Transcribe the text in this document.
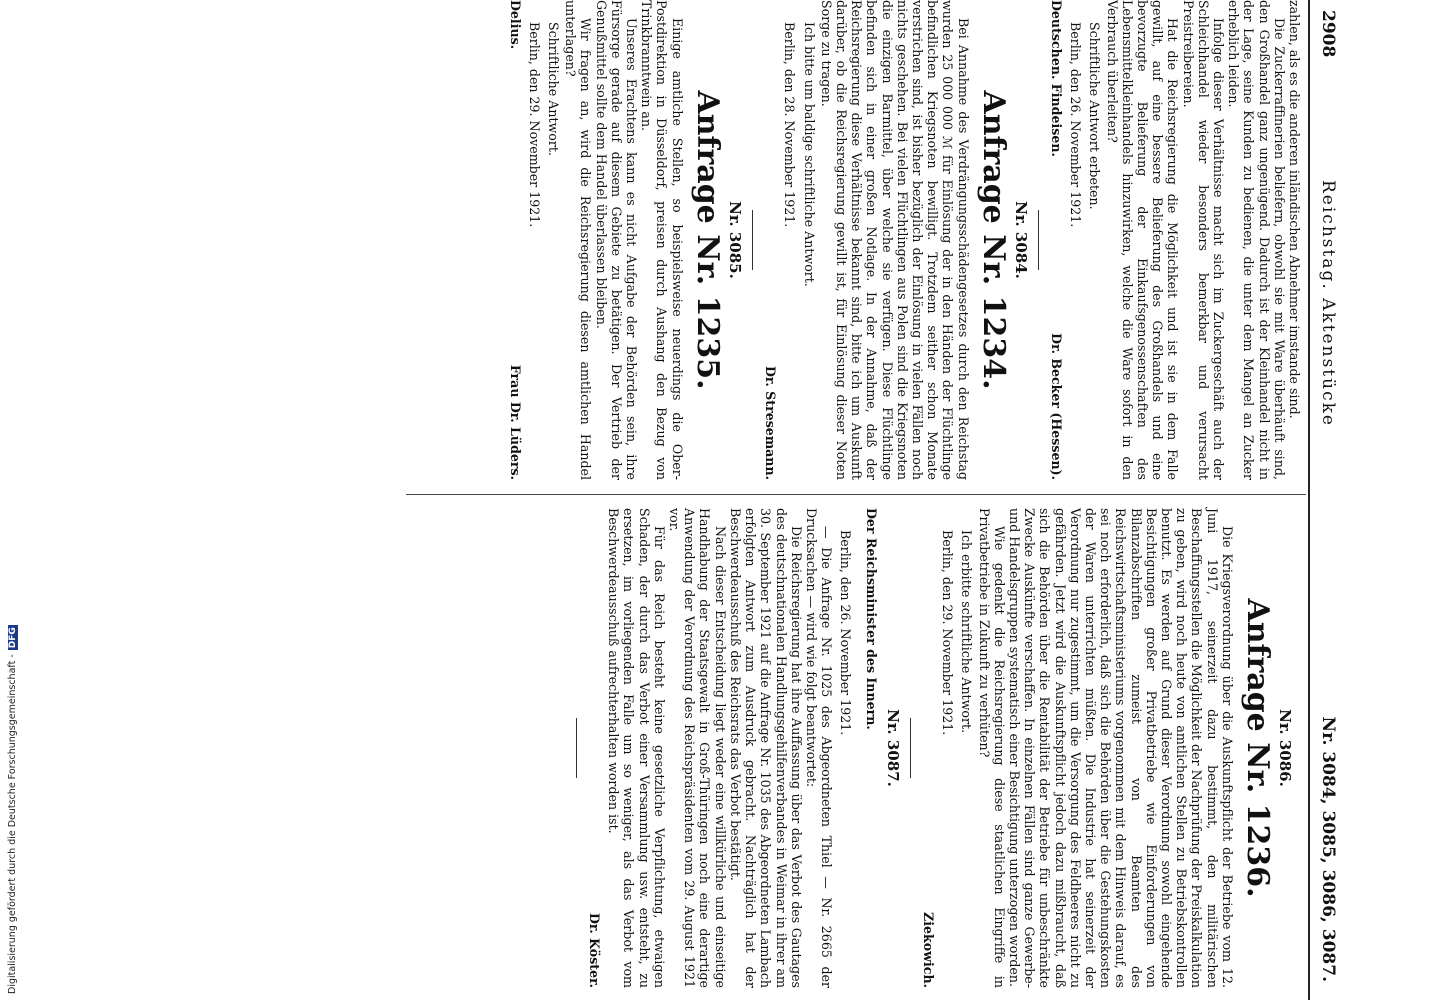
2908
Reichstag. Aktenstücke
Nr. 3084, 3085, 3086, 3087.

zahlen, als es die anderen inländischen Abnehmer imstande sind.

Die Zuckerraffinerien beliefern, obwohl sie mit Ware überhäuft sind, den Großhandel ganz ungenügend. Dadurch ist der Kleinhandel nicht in der Lage, seine Kunden zu bedienen, die unter dem Mangel an Zucker erheblich leiden.

Infolge dieser Verhältnisse macht sich im Zuckergeschäft auch der Schleichhandel wieder besonders bemerkbar und verursacht Preistreibereien.

Hat die Reichsregierung die Möglichkeit und ist sie in dem Falle gewillt, auf eine bessere Belieferung des Großhandels und eine bevorzugte Belieferung der Einkaufsgenossenschaften des Lebensmittelkleinhandels hinzuwirken, welche die Ware sofort in den Verbrauch überleiten?

Schriftliche Antwort erbeten.

Berlin, den 26. November 1921.

Deutschen. Findeisen.
Dr. Becker (Hessen).
Nr. 3084.
Anfrage Nr. 1234.

Bei Annahme des Verdrängungsschädengesetzes durch den Reichstag wurden 25 000 000 ℳ für Einlösung der in den Händen der Flüchtlinge befindlichen Kriegsnoten bewilligt. Trotzdem seither schon Monate verstrichen sind, ist bisher bezüglich der Einlösung in vielen Fällen noch nichts geschehen. Bei vielen Flüchtlingen aus Polen sind die Kriegsnoten die einzigen Barmittel, über welche sie verfügen. Diese Flüchtlinge befinden sich in einer großen Notlage. In der Annahme, daß der Reichsregierung diese Verhältnisse bekannt sind, bitte ich um Auskunft darüber, ob die Reichsregierung gewillt ist, für Einlösung dieser Noten Sorge zu tragen.

Ich bitte um baldige schriftliche Antwort.

Berlin, den 28. November 1921.

Dr. Stresemann.
Nr. 3085.
Anfrage Nr. 1235.

Einige amtliche Stellen, so beispielsweise neuerdings die Ober-Postdirektion in Düsseldorf, preisen durch Aushang den Bezug von Trinkbranntwein an.

Unseres Erachtens kann es nicht Aufgabe der Behörden sein, ihre Fürsorge gerade auf diesem Gebiete zu betätigen. Der Vertrieb der Genußmittel sollte dem Handel überlassen bleiben.

Wir fragen an, wird die Reichsregierung diesen amtlichen Handel unterlagen?

Schriftliche Antwort.

Berlin, den 29. November 1921.

Delius.
Frau Dr. Lüders.
Nr. 3086.
Anfrage Nr. 1236.

Die Kriegsverordnung über die Auskunftspflicht der Betriebe vom 12. Juni 1917, seinerzeit dazu bestimmt, den militärischen Beschaffungsstellen die Möglichkeit der Nachprüfung der Preiskalkulation zu geben, wird noch heute von amtlichen Stellen zu Betriebskontrollen benutzt. Es werden auf Grund dieser Verordnung sowohl eingehende Besichtigungen großer Privatbetriebe wie Einforderungen von Bilanzabschriften zumeist von Beamten des Reichswirtschaftsministeriums vorgenommen mit dem Hinweis darauf, es sei noch erforderlich, daß sich die Behörden über die Gestehungskosten der Waren unterrichten müßten. Die Industrie hat seinerzeit der Verordnung nur zugestimmt, um die Versorgung des Feldheeres nicht zu gefährden. Jetzt wird die Auskunftspflicht jedoch dazu mißbraucht, daß sich die Behörden über die Rentabilität der Betriebe für unbeschränkte Zwecke Auskünfte verschaffen. In einzelnen Fällen sind ganze Gewerbe- und Handelsgruppen systematisch einer Besichtigung unterzogen worden.

Wie gedenkt die Reichsregierung diese staatlichen Eingriffe in Privatbetriebe in Zukunft zu verhüten?

Ich erbitte schriftliche Antwort.

Berlin, den 29. November 1921.

Ziekowich.
Nr. 3087.
Der Reichsminister des Innern.

Berlin, den 26. November 1921.

— Die Anfrage Nr. 1025 des Abgeordneten Thiel — Nr. 2665 der Drucksachen — wird wie folgt beantwortet:

Die Reichsregierung hat ihre Auffassung über das Verbot des Gautages des deutschnationalen Handlungsgehilfenverbandes in Weimar in ihrer am 30. September 1921 auf die Anfrage Nr. 1035 des Abgeordneten Lambach erfolgten Antwort zum Ausdruck gebracht. Nachträglich hat der Beschwerdeausschuß des Reichsrats das Verbot bestätigt.

Nach dieser Entscheidung liegt weder eine willkürliche und einseitige Handhabung der Staatsgewalt in Groß-Thüringen noch eine derartige Anwendung der Verordnung des Reichspräsidenten vom 29. August 1921 vor.

Für das Reich besteht keine gesetzliche Verpflichtung, etwaigen Schaden, der durch das Verbot einer Versammlung usw. entsteht, zu ersetzen, im vorliegenden Falle um so weniger, als das Verbot vom Beschwerdeausschuß aufrechterhalten worden ist.

Dr. Köster.
Digitalisierung gefördert durch die Deutsche Forschungsgemeinschaft -DFG
